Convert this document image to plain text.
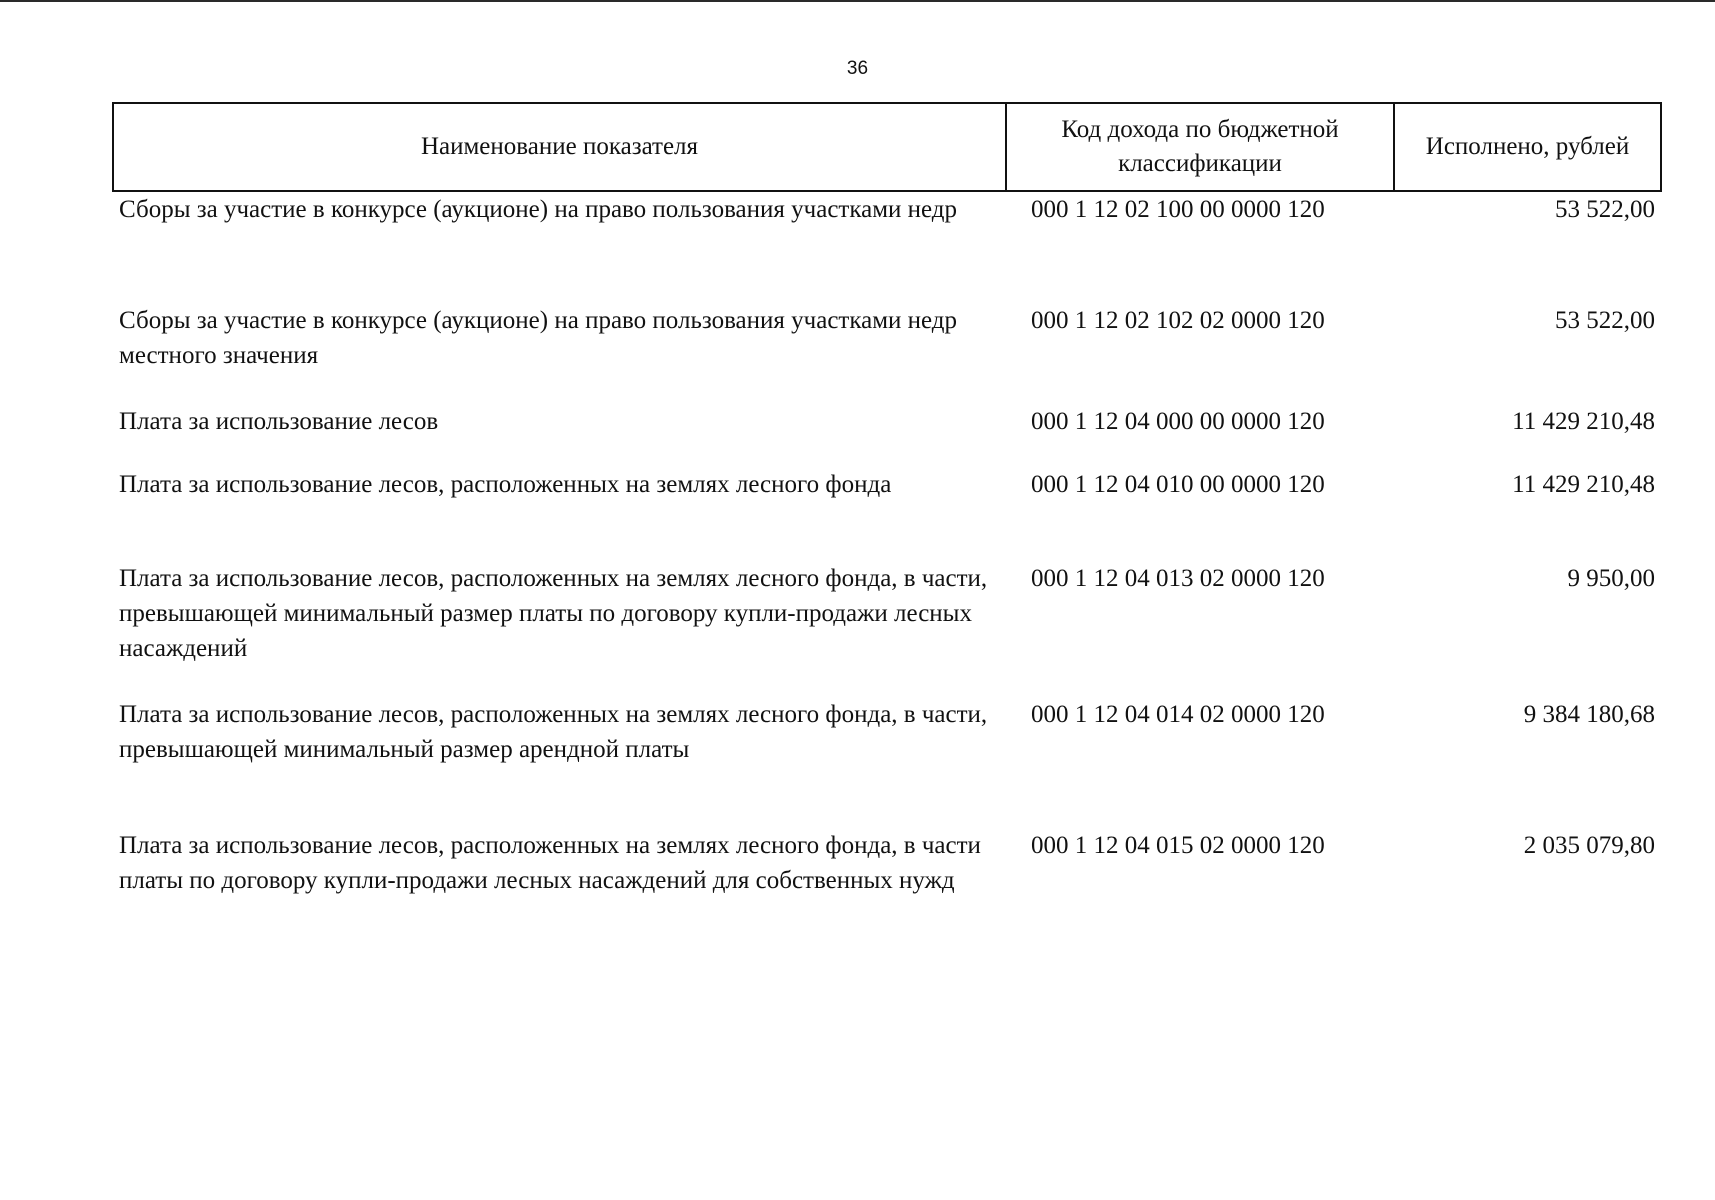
36
Наименование показателя	Код дохода по бюджетной классификации	Исполнено, рублей
Сборы за участие в конкурсе (аукционе) на право пользования участками недр	000 1 12 02 100 00 0000 120	53 522,00
Сборы за участие в конкурсе (аукционе) на право пользования участками недр местного значения	000 1 12 02 102 02 0000 120	53 522,00
Плата за использование лесов	000 1 12 04 000 00 0000 120	11 429 210,48
Плата за использование лесов, расположенных на землях лесного фонда	000 1 12 04 010 00 0000 120	11 429 210,48
Плата за использование лесов, расположенных на землях лесного фонда, в части, превышающей минимальный размер платы по договору купли-продажи лесных насаждений	000 1 12 04 013 02 0000 120	9 950,00
Плата за использование лесов, расположенных на землях лесного фонда, в части, превышающей минимальный размер арендной платы	000 1 12 04 014 02 0000 120	9 384 180,68
Плата за использование лесов, расположенных на землях лесного фонда, в части платы по договору купли-продажи лесных насаждений для собственных нужд	000 1 12 04 015 02 0000 120	2 035 079,80
